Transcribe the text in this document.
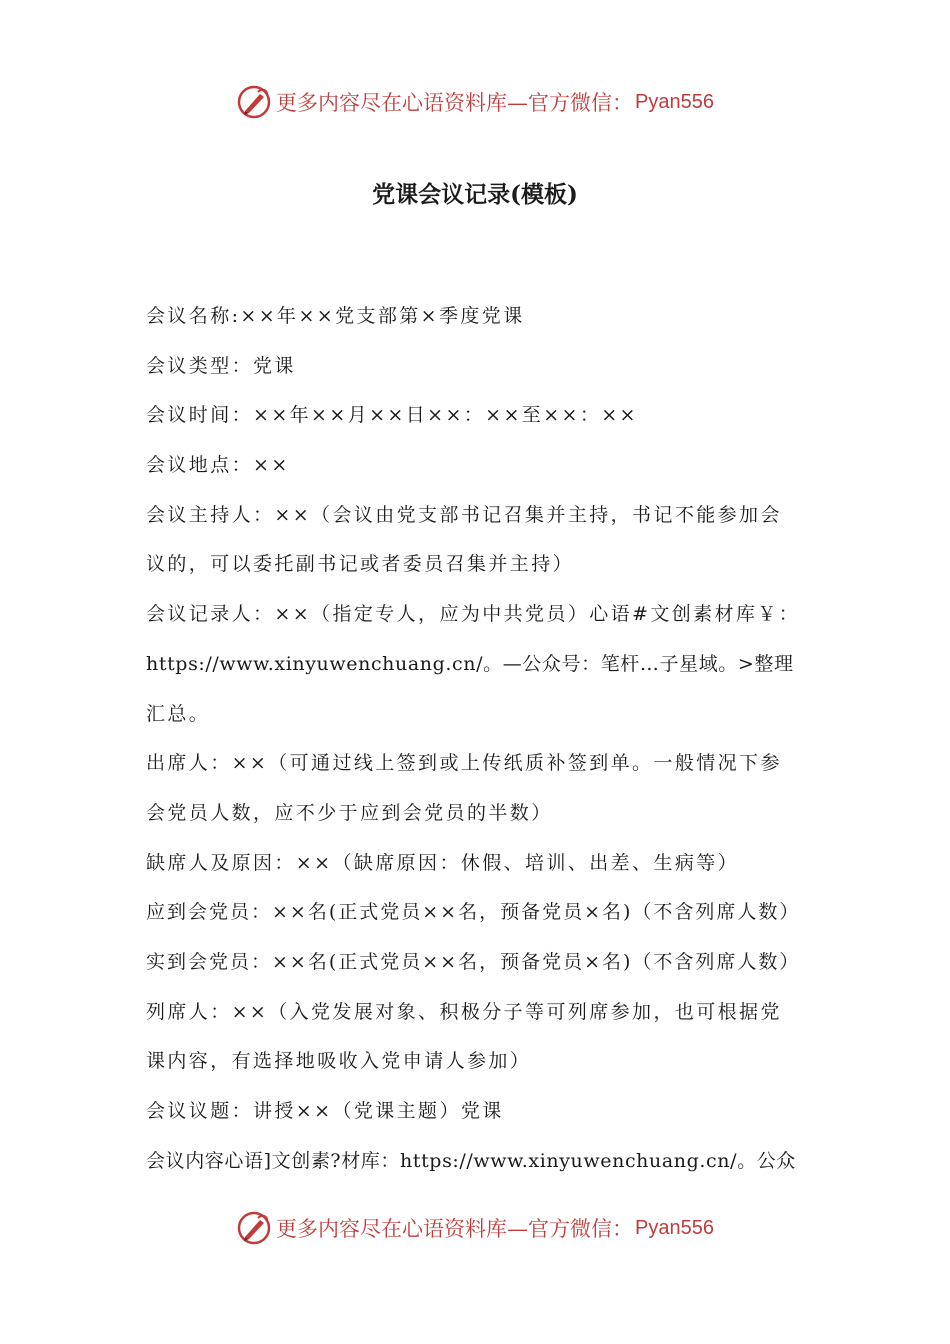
更多内容尽在心语资料库—官方微信： Pyan556
党课会议记录(模板)
会议名称:××年××党支部第×季度党课
会议类型：党课
会议时间：××年××月××日××：××至××：××
会议地点：××
会议主持人：××（会议由党支部书记召集并主持，书记不能参加会
议的，可以委托副书记或者委员召集并主持）
会议记录人：××（指定专人，应为中共党员）心语#文创素材库￥：
https://www.xinyuwenchuang.cn/。—公众号：笔杆…子星域。>整理
汇总。
出席人：××（可通过线上签到或上传纸质补签到单。一般情况下参
会党员人数，应不少于应到会党员的半数）
缺席人及原因：××（缺席原因：休假、培训、出差、生病等）
应到会党员：××名(正式党员××名，预备党员×名)（不含列席人数）
实到会党员：××名(正式党员××名，预备党员×名)（不含列席人数）
列席人：××（入党发展对象、积极分子等可列席参加，也可根据党
课内容，有选择地吸收入党申请人参加）
会议议题：讲授××（党课主题）党课
会议内容心语]文创素?材库：https://www.xinyuwenchuang.cn/。公众
更多内容尽在心语资料库—官方微信： Pyan556
